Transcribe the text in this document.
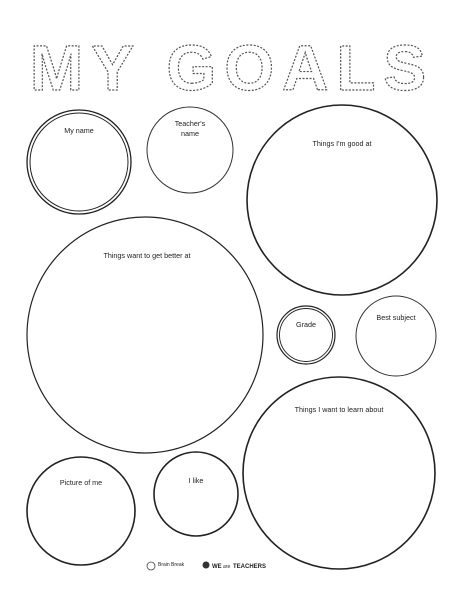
MY GOALS
My name
Teacher's
name
Things I'm good at
Things want to get better at
Grade
Best subject
Things I want to learn about
Picture of me	I like
Brain Break	WE are TEACHERS
